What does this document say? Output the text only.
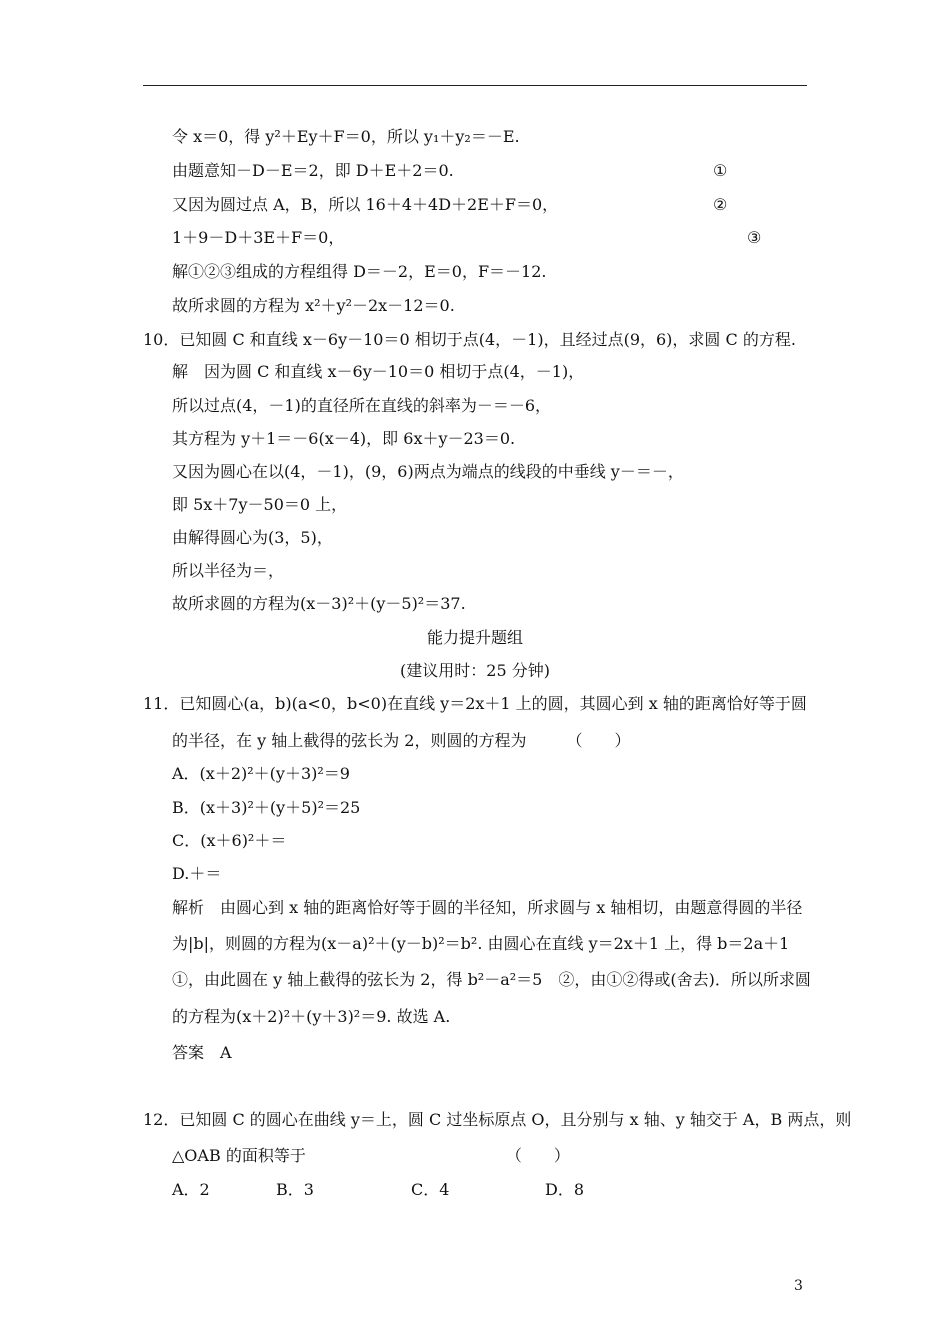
令 x＝0，得 y²＋Ey＋F＝0，所以 y₁＋y₂＝－E.
由题意知－D－E＝2，即 D＋E＋2＝0.	①
又因为圆过点 A，B，所以 16＋4＋4D＋2E＋F＝0，	②
1＋9－D＋3E＋F＝0，	③
解①②③组成的方程组得 D＝－2，E＝0，F＝－12.
故所求圆的方程为 x²＋y²－2x－12＝0.
10．已知圆 C 和直线 x－6y－10＝0 相切于点(4，－1)，且经过点(9，6)，求圆 C 的方程.
解　因为圆 C 和直线 x－6y－10＝0 相切于点(4，－1)，
所以过点(4，－1)的直径所在直线的斜率为－＝－6，
其方程为 y＋1＝－6(x－4)，即 6x＋y－23＝0.
又因为圆心在以(4，－1)，(9，6)两点为端点的线段的中垂线 y－＝－，
即 5x＋7y－50＝0 上，
由解得圆心为(3，5)，
所以半径为＝，
故所求圆的方程为(x－3)²＋(y－5)²＝37.
能力提升题组
(建议用时：25 分钟)
11．已知圆心(a，b)(a<0，b<0)在直线 y＝2x＋1 上的圆，其圆心到 x 轴的距离恰好等于圆
的半径，在 y 轴上截得的弦长为 2，则圆的方程为　　　（　　）
A．(x＋2)²＋(y＋3)²＝9
B．(x＋3)²＋(y＋5)²＝25
C．(x＋6)²＋＝
D.＋＝
解析　由圆心到 x 轴的距离恰好等于圆的半径知，所求圆与 x 轴相切，由题意得圆的半径
为|b|，则圆的方程为(x－a)²＋(y－b)²＝b². 由圆心在直线 y＝2x＋1 上，得 b＝2a＋1
①，由此圆在 y 轴上截得的弦长为 2，得 b²－a²＝5　②，由①②得或(舍去)．所以所求圆
的方程为(x＋2)²＋(y＋3)²＝9. 故选 A.
答案　A
12．已知圆 C 的圆心在曲线 y＝上，圆 C 过坐标原点 O，且分别与 x 轴、y 轴交于 A，B 两点，则
△OAB 的面积等于　　　　　　　　　　　　　（　　）
A．2	B．3	C．4	D．8
3
